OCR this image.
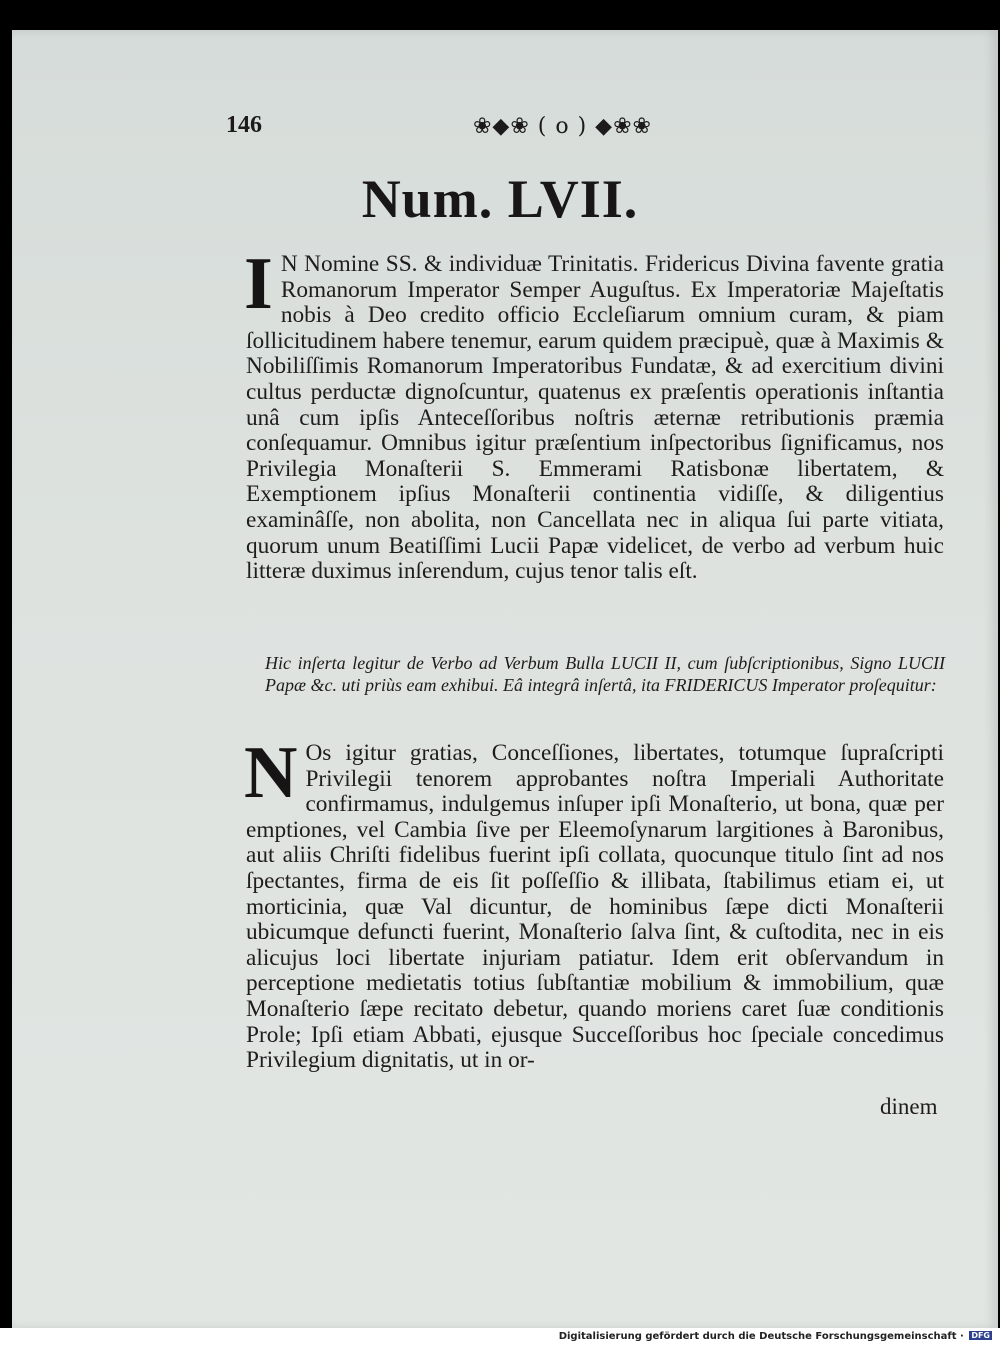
146	❀◆❀ ( o ) ◆❀❀
Num. LVII.
I N Nomine SS. & individuæ Trinitatis. Fridericus Divina favente gratia Romanorum Imperator Semper Auguſtus. Ex Imperatoriæ Majeſtatis nobis à Deo credito officio Eccleſiarum omnium curam, & piam ſollicitudinem habere tenemur, earum quidem præcipuè, quæ à Maximis & Nobiliſſimis Romanorum Imperatoribus Fundatæ, & ad exercitium divini cultus perductæ dignoſcuntur, quatenus ex præſentis operationis inſtantia unâ cum ipſis Anteceſſoribus noſtris æternæ retributionis præmia conſequamur. Omnibus igitur præſentium inſpectoribus ſignificamus, nos Privilegia Monaſterii S. Emmerami Ratisbonæ libertatem, & Exemptionem ipſius Monaſterii continentia vidiſſe, & diligentius examinâſſe, non abolita, non Cancellata nec in aliqua ſui parte vitiata, quorum unum Beatiſſimi Lucii Papæ videlicet, de verbo ad verbum huic litteræ duximus inſerendum, cujus tenor talis eſt.
Hic inſerta legitur de Verbo ad Verbum Bulla LUCII II, cum ſubſcriptionibus, Signo LUCII Papæ &c. uti priùs eam exhibui. Eâ integrâ inſertâ, ita FRIDERICUS Imperator proſequitur:
N Os igitur gratias, Conceſſiones, libertates, totumque ſupraſcripti Privilegii tenorem approbantes noſtra Imperiali Authoritate confirmamus, indulgemus inſuper ipſi Monaſterio, ut bona, quæ per emptiones, vel Cambia ſive per Eleemoſynarum largitiones à Baronibus, aut aliis Chriſti fidelibus fuerint ipſi collata, quocunque titulo ſint ad nos ſpectantes, firma de eis ſit poſſeſſio & illibata, ſtabilimus etiam ei, ut morticinia, quæ Val dicuntur, de hominibus ſæpe dicti Monaſterii ubicumque defuncti fuerint, Monaſterio ſalva ſint, & cuſtodita, nec in eis alicujus loci libertate injuriam patiatur. Idem erit obſervandum in perceptione medietatis totius ſubſtantiæ mobilium & immobilium, quæ Monaſterio ſæpe recitato debetur, quando moriens caret ſuæ conditionis Prole; Ipſi etiam Abbati, ejusque Succeſſoribus hoc ſpeciale concedimus Privilegium dignitatis, ut in or-
dinem
Digitalisierung gefördert durch die Deutsche Forschungsgemeinschaft · DFG
